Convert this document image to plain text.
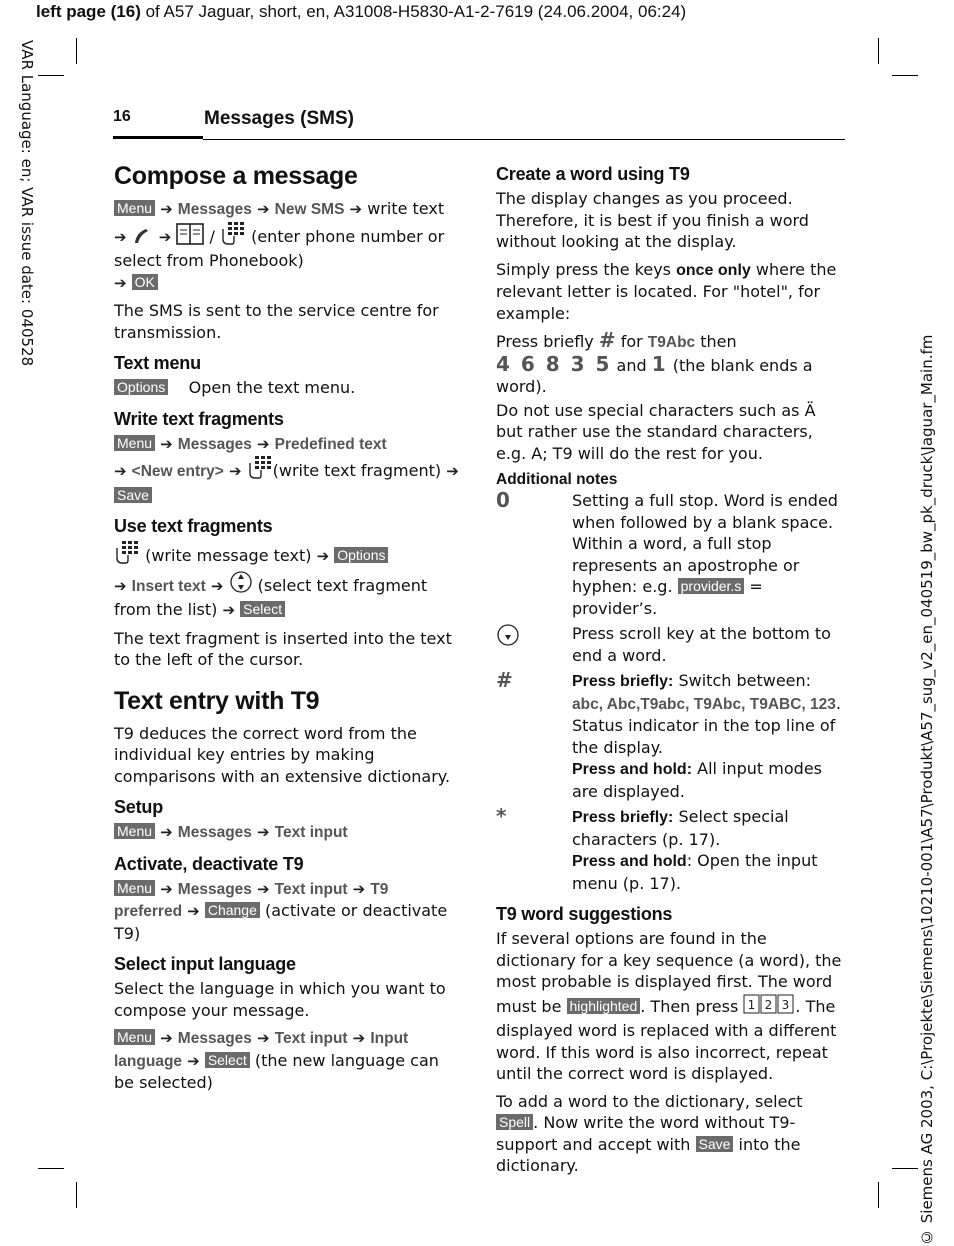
left page (16) of A57 Jaguar, short, en, A31008-H5830-A1-2-7619 (24.06.2004, 06:24)
VAR Language: en; VAR issue date: 040528
© Siemens AG 2003, C:\Projekte\Siemens\10210-001\A57\Produkt\A57_sug_v2_en_040519_bw_pk_druck\Jaguar_Main.fm
16	Messages (SMS)
Compose a message

Menu ➔ Messages ➔ New SMS ➔ write text ➔ ➔  /  (enter phone number or select from Phonebook)
➔ OK

The SMS is sent to the service centre for transmission.

Text menu

Options Open the text menu.

Write text fragments

Menu ➔ Messages ➔ Predefined text
➔ <New entry> ➔ (write text fragment) ➔ Save

Use text fragments

(write message text) ➔ Options
➔ Insert text ➔ (select text fragment from the list) ➔ Select

The text fragment is inserted into the text to the left of the cursor.

Text entry with T9

T9 deduces the correct word from the individual key entries by making comparisons with an extensive dictionary.

Setup

Menu ➔ Messages ➔ Text input

Activate, deactivate T9

Menu ➔ Messages ➔ Text input ➔ T9 preferred ➔ Change (activate or deactivate T9)

Select input language

Select the language in which you want to compose your message.

Menu ➔ Messages ➔ Text input ➔ Input language ➔ Select (the new language can be selected)

Create a word using T9

The display changes as you proceed. Therefore, it is best if you finish a word without looking at the display.

Simply press the keys once only where the relevant letter is located. For "hotel", for example:

Press briefly # for T9Abc then
4 6 8 3 5 and 1 (the blank ends a word).

Do not use special characters such as Ä but rather use the standard characters, e.g. A; T9 will do the rest for you.

Additional notes
0	Setting a full stop. Word is ended when followed by a blank space. Within a word, a full stop represents an apostrophe or hyphen: e.g. provider.s = provider’s.
Press scroll key at the bottom to end a word.
#	Press briefly: Switch between: abc, Abc,T9abc, T9Abc, T9ABC, 123. Status indicator in the top line of the display.
Press and hold: All input modes are displayed.
*	Press briefly: Select special characters (p. 17).
Press and hold: Open the input menu (p. 17).
T9 word suggestions

If several options are found in the dictionary for a key sequence (a word), the most probable is displayed first. The word must be highlighted . Then press 1 2 3 . The displayed word is replaced with a different word. If this word is also incorrect, repeat until the correct word is displayed.

To add a word to the dictionary, select Spell . Now write the word without T9-support and accept with Save into the dictionary.
